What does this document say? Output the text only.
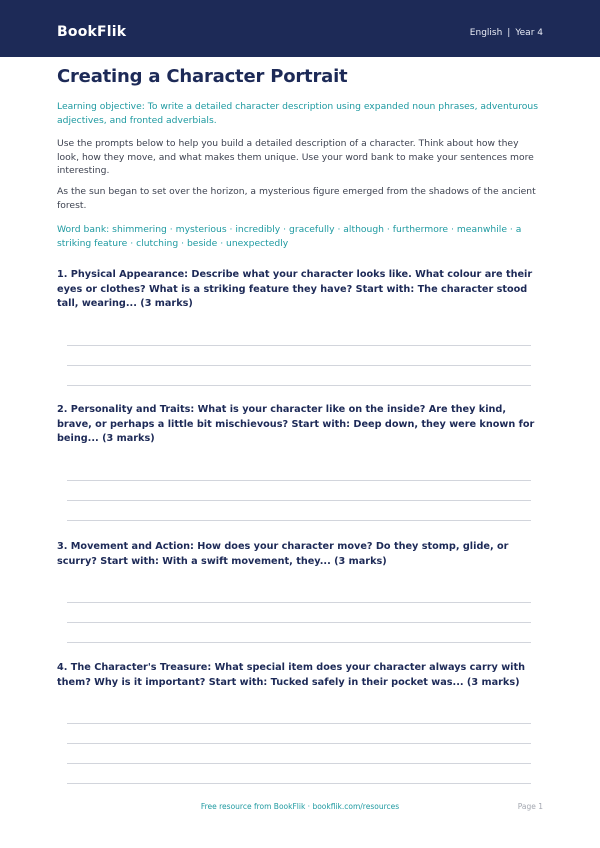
BookFlik	English | Year 4
Creating a Character Portrait

Learning objective: To write a detailed character description using expanded noun phrases, adventurous adjectives, and fronted adverbials.

Use the prompts below to help you build a detailed description of a character. Think about how they look, how they move, and what makes them unique. Use your word bank to make your sentences more interesting.

As the sun began to set over the horizon, a mysterious figure emerged from the shadows of the ancient forest.

Word bank: shimmering · mysterious · incredibly · gracefully · although · furthermore · meanwhile · a striking feature · clutching · beside · unexpectedly

1. Physical Appearance: Describe what your character looks like. What colour are their eyes or clothes? What is a striking feature they have? Start with: The character stood tall, wearing... (3 marks)
2. Personality and Traits: What is your character like on the inside? Are they kind, brave, or perhaps a little bit mischievous? Start with: Deep down, they were known for being... (3 marks)
3. Movement and Action: How does your character move? Do they stomp, glide, or scurry? Start with: With a swift movement, they... (3 marks)
4. The Character's Treasure: What special item does your character always carry with them? Why is it important? Start with: Tucked safely in their pocket was... (3 marks)
Free resource from BookFlik · bookflik.com/resources	Page 1
